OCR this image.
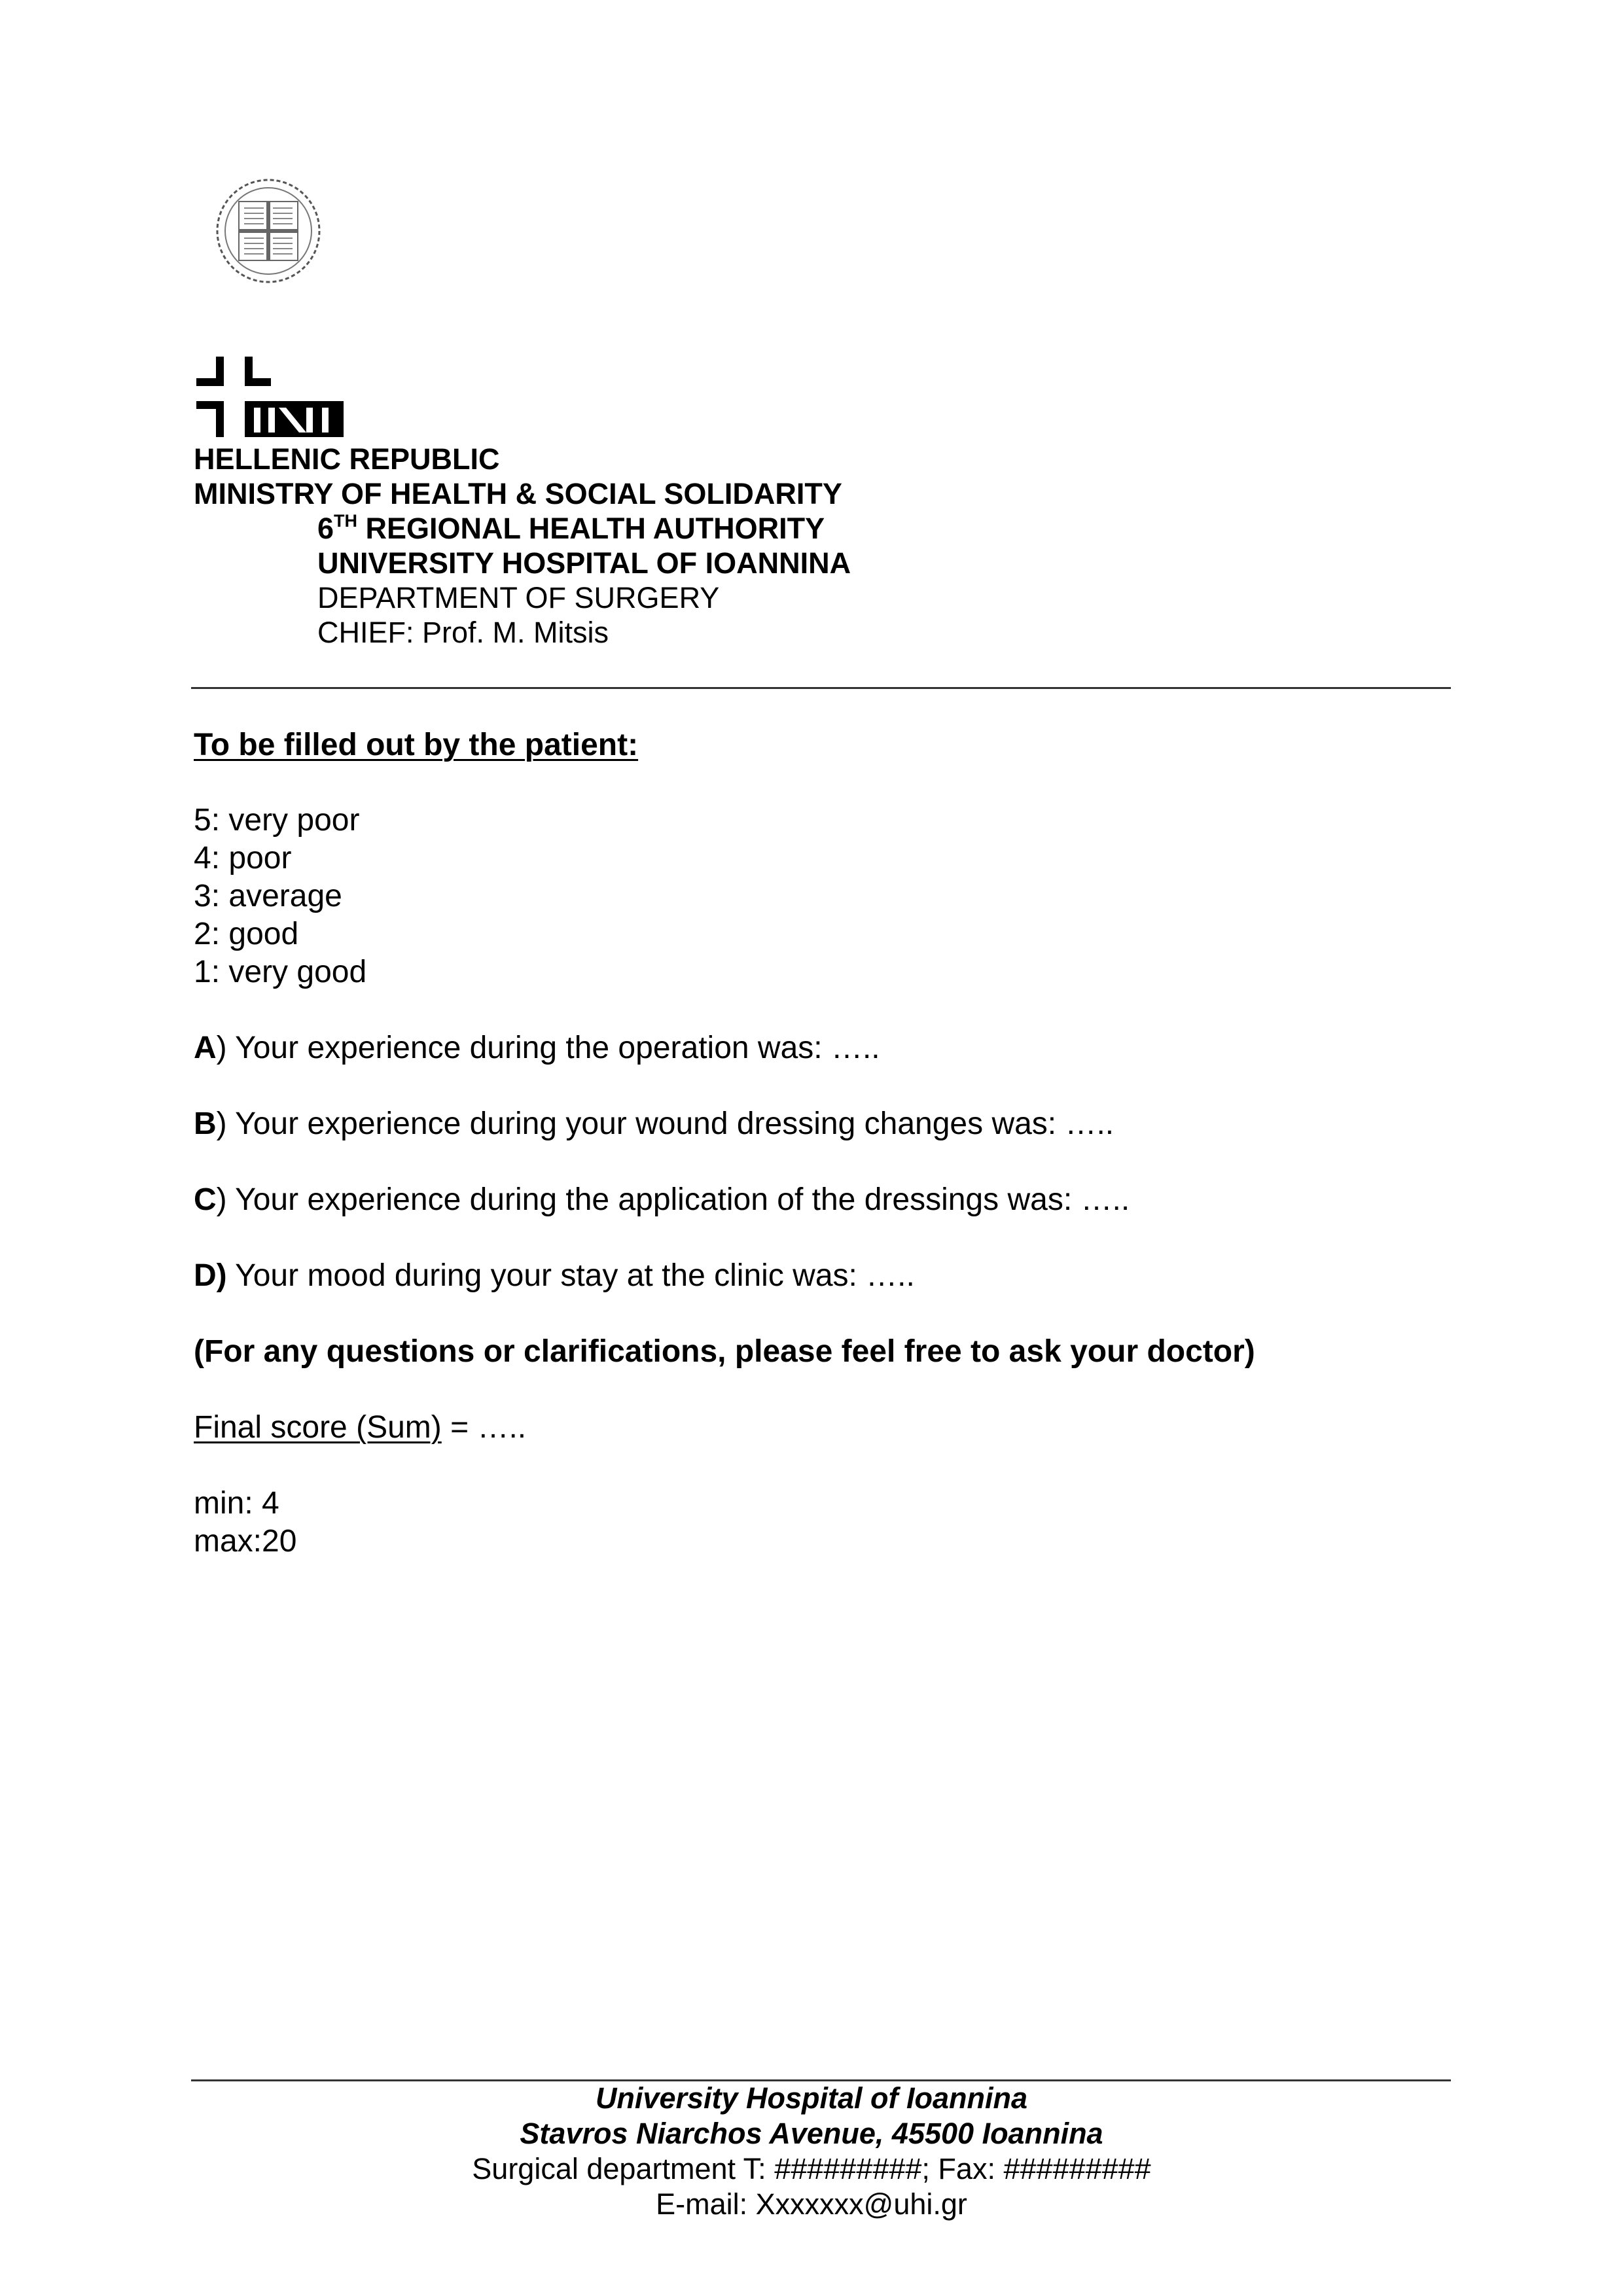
HELLENIC REPUBLIC
MINISTRY OF HEALTH & SOCIAL SOLIDARITY
6TH REGIONAL HEALTH AUTHORITY
UNIVERSITY HOSPITAL OF IOANNINA
DEPARTMENT OF SURGERY
CHIEF: Prof. M. Mitsis
To be filled out by the patient:
5: very poor
4: poor
3: average
2: good
1: very good
A) Your experience during the operation was: …..
B) Your experience during your wound dressing changes was: …..
C) Your experience during the application of the dressings was: …..
D) Your mood during your stay at the clinic was: …..
(For any questions or clarifications, please feel free to ask your doctor)
Final score (Sum) = …..
min: 4
max:20
University Hospital of Ioannina
Stavros Niarchos Avenue, 45500 Ioannina
Surgical department T: #########; Fax: #########
E-mail: Xxxxxxx@uhi.gr
